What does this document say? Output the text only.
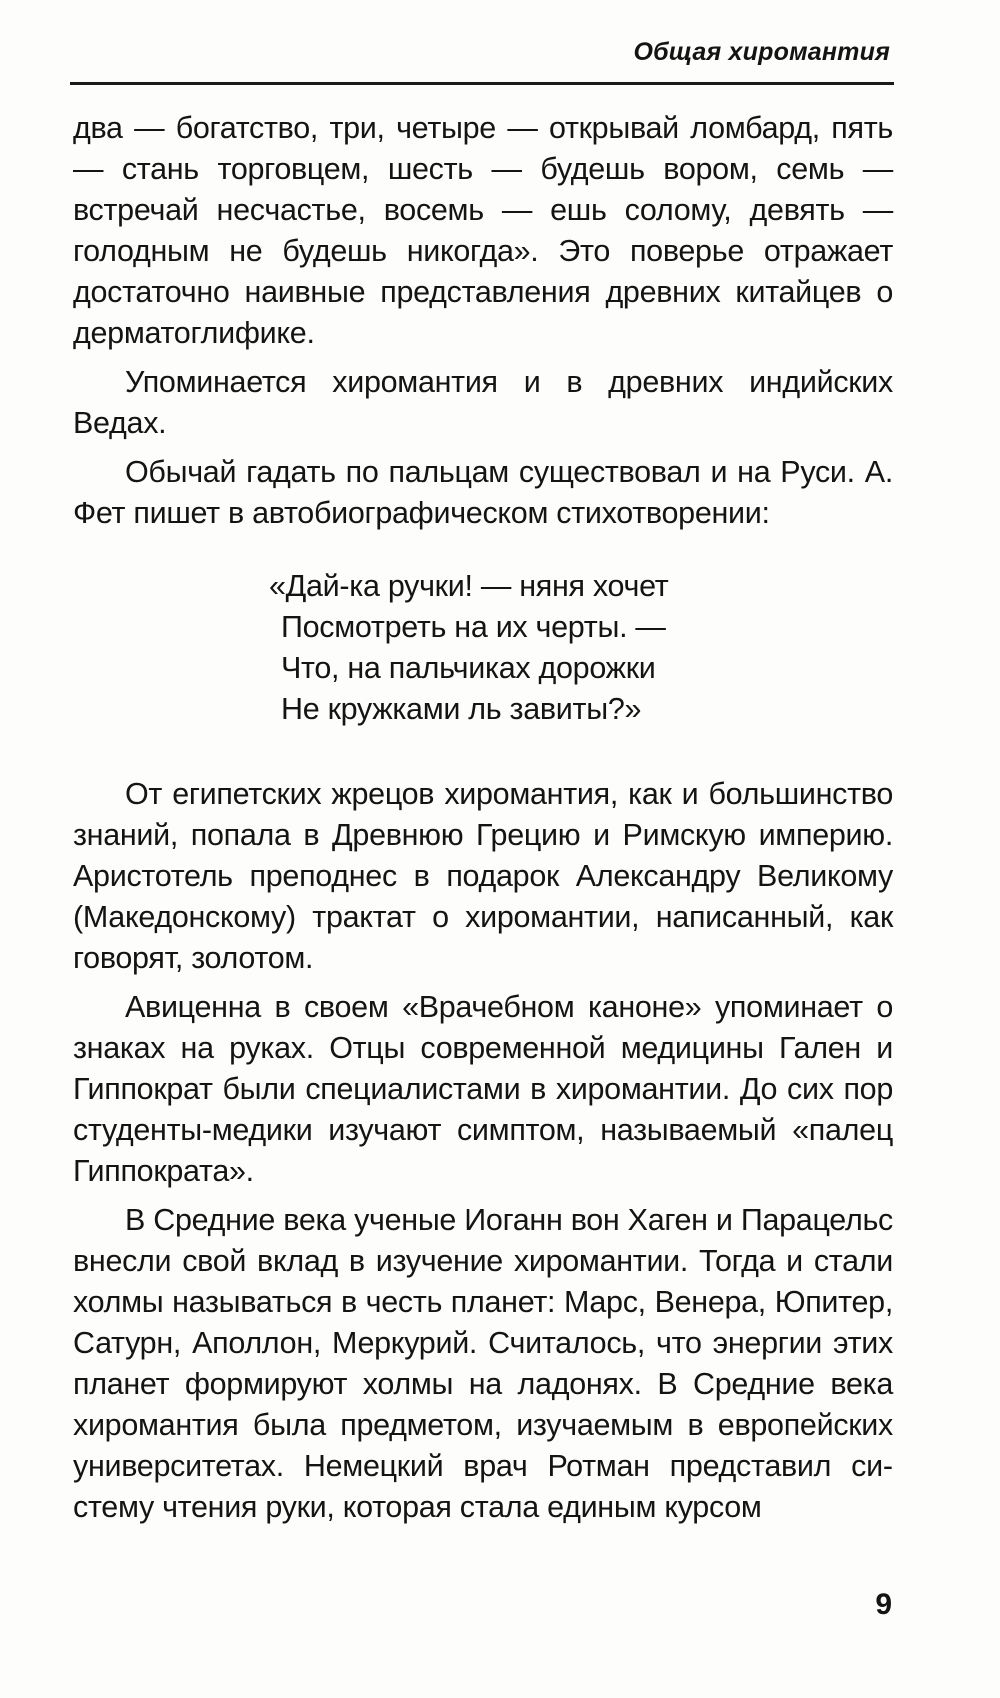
Общая хиромантия

два — богатство, три, четыре — открывай ломбард, пять — стань торговцем, шесть — будешь вором, семь — встречай несчастье, восемь — ешь солому, девять — голодным не будешь никогда». Это поверье отражает достаточно наивные представления древних китайцев о дерматоглифике.

Упоминается хиромантия и в древних индийских Ведах.

Обычай гадать по пальцам существовал и на Руси. А. Фет пишет в автобиографическом стихотворении:

«Дай-ка ручки! — няня хочет
Посмотреть на их черты. —
Что, на пальчиках дорожки
Не кружками ль завиты?»

От египетских жрецов хиромантия, как и большинство знаний, попала в Древнюю Грецию и Римскую империю. Аристотель преподнес в подарок Александру Великому (Македонскому) трактат о хиромантии, написанный, как говорят, золотом.

Авиценна в своем «Врачебном каноне» упоминает о знаках на руках. Отцы современной медицины Гален и Гиппократ были специалистами в хиромантии. До сих пор студенты-медики изучают симптом, называемый «палец Гиппократа».

В Средние века ученые Иоганн вон Хаген и Парацельс внесли свой вклад в изучение хиромантии. Тогда и стали холмы называться в честь планет: Марс, Венера, Юпитер, Сатурн, Аполлон, Меркурий. Считалось, что энергии этих планет формируют холмы на ладонях. В Средние века хиромантия была предметом, изучаемым в европейских университетах. Немецкий врач Ротман представил систему чтения руки, которая стала единым курсом

9
